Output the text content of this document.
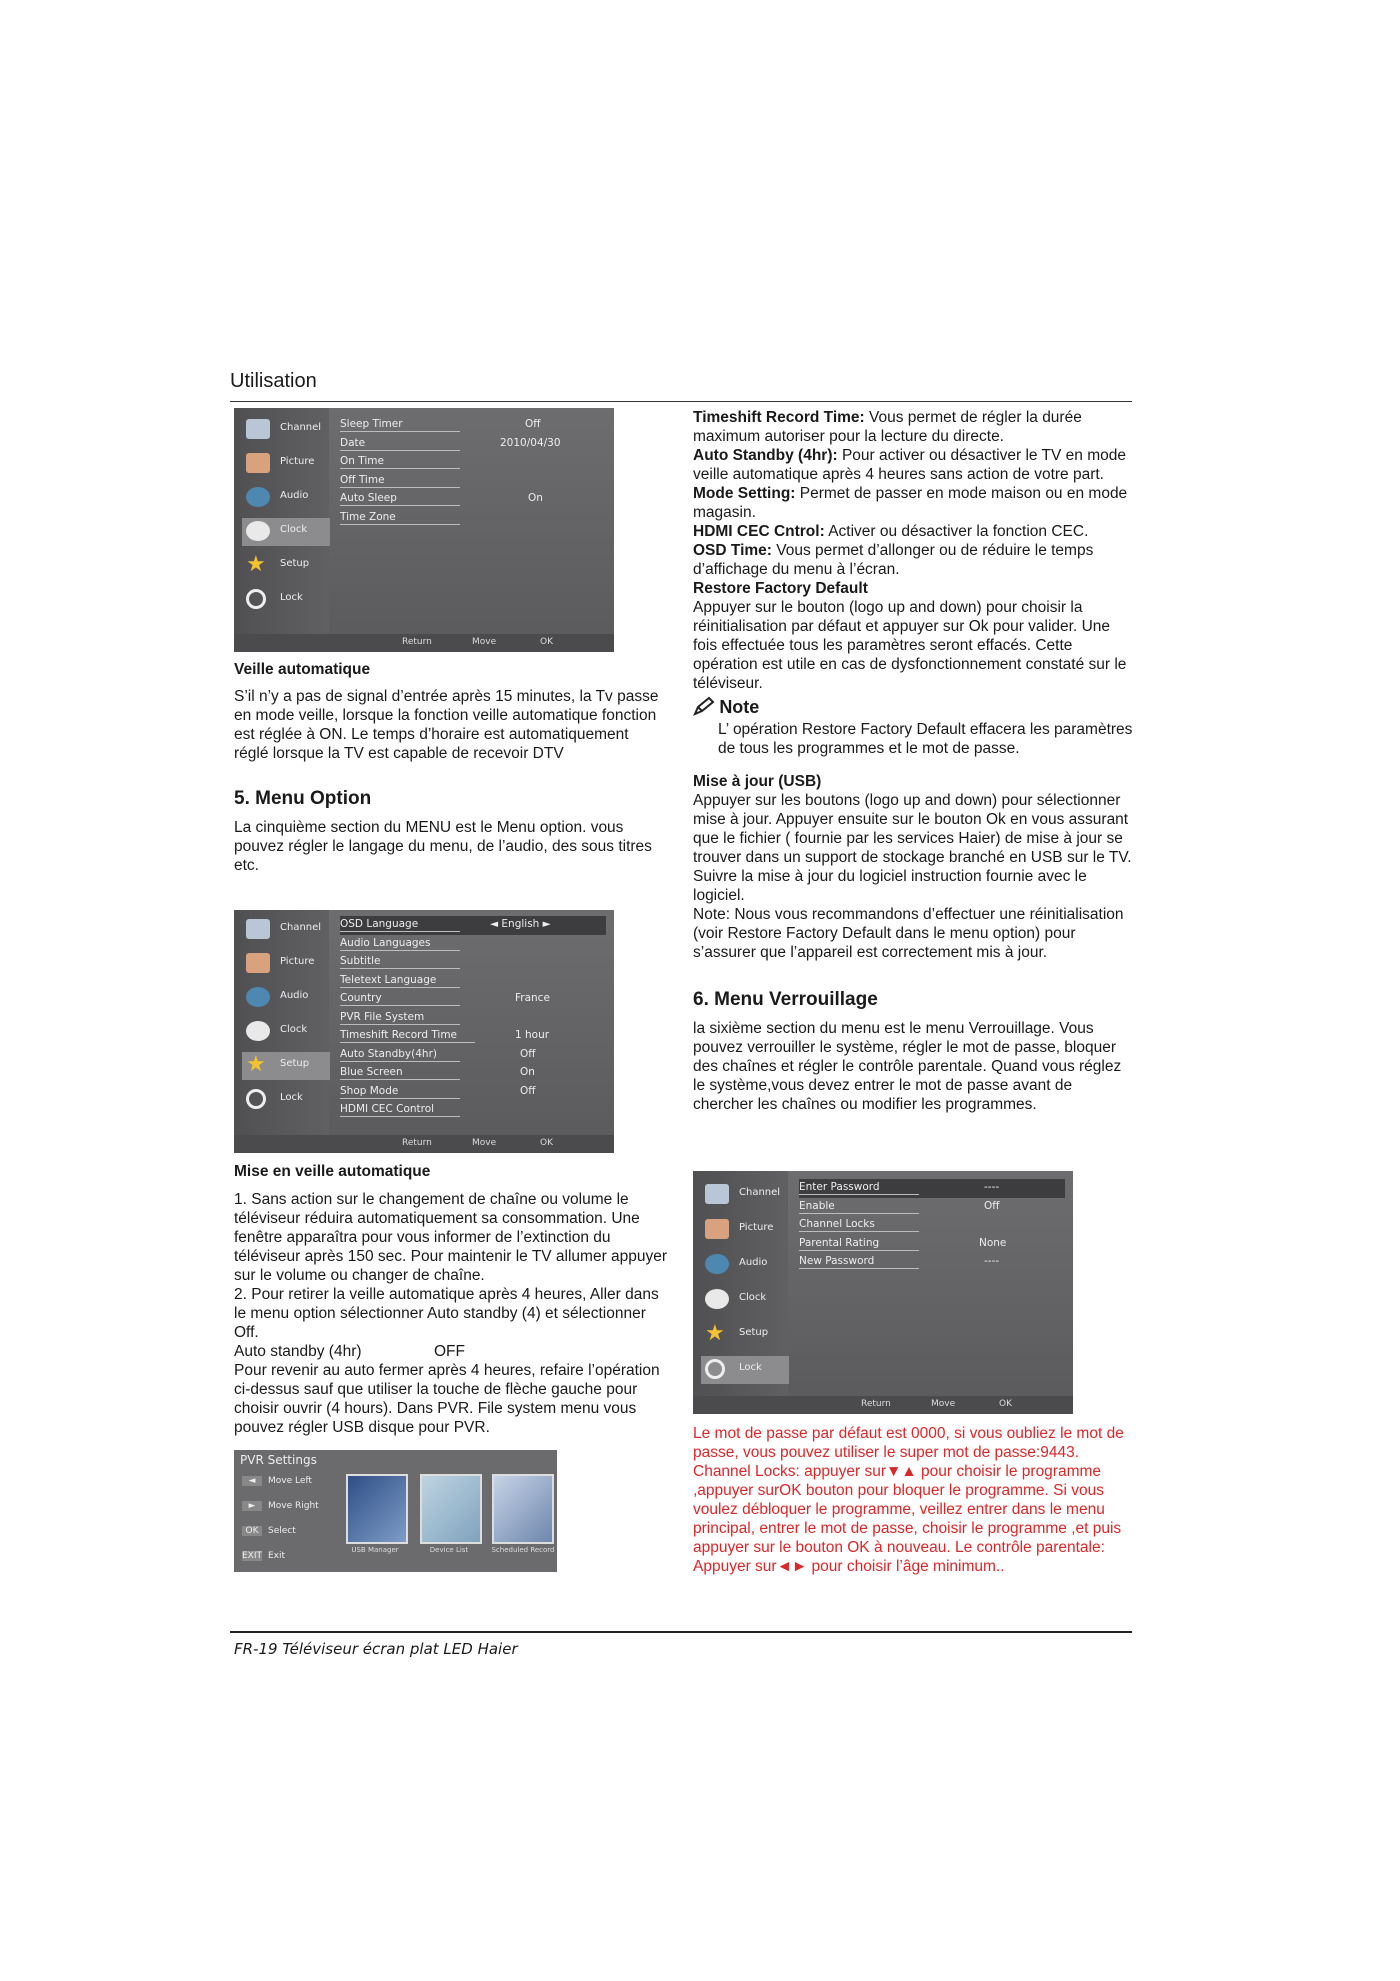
Utilisation
Channel
Picture
Audio
Clock
★	Setup
Lock
Sleep Timer	Off
Date	2010/04/30
On Time
Off Time
Auto Sleep	On
Time Zone
Return	Move	OK

Veille automatique

S’il n’y a pas de signal d’entrée après 15 minutes, la Tv passe en mode veille, lorsque la fonction veille automatique fonction est réglée à ON. Le temps d’horaire est automatiquement réglé lorsque la TV est capable de recevoir DTV

5. Menu Option

La cinquième section du MENU est le Menu option. vous pouvez régler le langage du menu, de l’audio, des sous titres etc.

Channel
Picture
Audio
Clock
★	Setup
Lock
OSD Language	◄ English ►
Audio Languages
Subtitle
Teletext Language
Country	France
PVR File System
Timeshift Record Time	1 hour
Auto Standby(4hr)	Off
Blue Screen	On
Shop Mode	Off
HDMI CEC Control
Return	Move	OK

Mise en veille automatique

1. Sans action sur le changement de chaîne ou volume le téléviseur réduira automatiquement sa consommation. Une fenêtre apparaîtra pour vous informer de l’extinction du téléviseur après 150 sec. Pour maintenir le TV allumer appuyer sur le volume ou changer de chaîne.

2. Pour retirer la veille automatique après 4 heures, Aller dans le menu option sélectionner Auto standby (4) et sélectionner Off.

Auto standby (4hr)	OFF

Pour revenir au auto fermer après 4 heures, refaire l’opération ci-dessus sauf que utiliser la touche de flèche gauche pour choisir ouvrir (4 hours). Dans PVR. File system menu vous pouvez régler USB disque pour PVR.

PVR Settings
◄ Move Left
► Move Right
OK Select
EXIT Exit
USB Manager	Device List	Scheduled Record

Timeshift Record Time: Vous permet de régler la durée maximum autoriser pour la lecture du directe.

Auto Standby (4hr): Pour activer ou désactiver le TV en mode veille automatique après 4 heures sans action de votre part.

Mode Setting: Permet de passer en mode maison ou en mode magasin.

HDMI CEC Cntrol: Activer ou désactiver la fonction CEC.

OSD Time: Vous permet d’allonger ou de réduire le temps d’affichage du menu à l’écran.

Restore Factory Default

Appuyer sur le bouton (logo up and down) pour choisir la réinitialisation par défaut et appuyer sur Ok pour valider. Une fois effectuée tous les paramètres seront effacés. Cette opération est utile en cas de dysfonctionnement constaté sur le téléviseur.

Note

L’ opération Restore Factory Default effacera les paramètres de tous les programmes et le mot de passe.

Mise à jour (USB)

Appuyer sur les boutons (logo up and down) pour sélectionner mise à jour. Appuyer ensuite sur le bouton Ok en vous assurant que le fichier ( fournie par les services Haier) de mise à jour se trouver dans un support de stockage branché en USB sur le TV. Suivre la mise à jour du logiciel instruction fournie avec le logiciel.

Note: Nous vous recommandons d’effectuer une réinitialisation (voir Restore Factory Default dans le menu option) pour s’assurer que l’appareil est correctement mis à jour.

6. Menu Verrouillage

la sixième section du menu est le menu Verrouillage. Vous pouvez verrouiller le système, régler le mot de passe, bloquer des chaînes et régler le contrôle parentale. Quand vous réglez le système,vous devez entrer le mot de passe avant de chercher les chaînes ou modifier les programmes.

Channel
Picture
Audio
Clock
★	Setup
Lock
Enter Password	----
Enable	Off
Channel Locks
Parental Rating	None
New Password	----
Return	Move	OK

Le mot de passe par défaut est 0000, si vous oubliez le mot de passe, vous pouvez utiliser le super mot de passe:9443. Channel Locks: appuyer sur▼▲ pour choisir le programme ,appuyer surOK bouton pour bloquer le programme. Si vous voulez débloquer le programme, veillez entrer dans le menu principal, entrer le mot de passe, choisir le programme ,et puis appuyer sur le bouton OK à nouveau. Le contrôle parentale: Appuyer sur◄► pour choisir l’âge minimum..

FR-19 Téléviseur écran plat LED Haier
